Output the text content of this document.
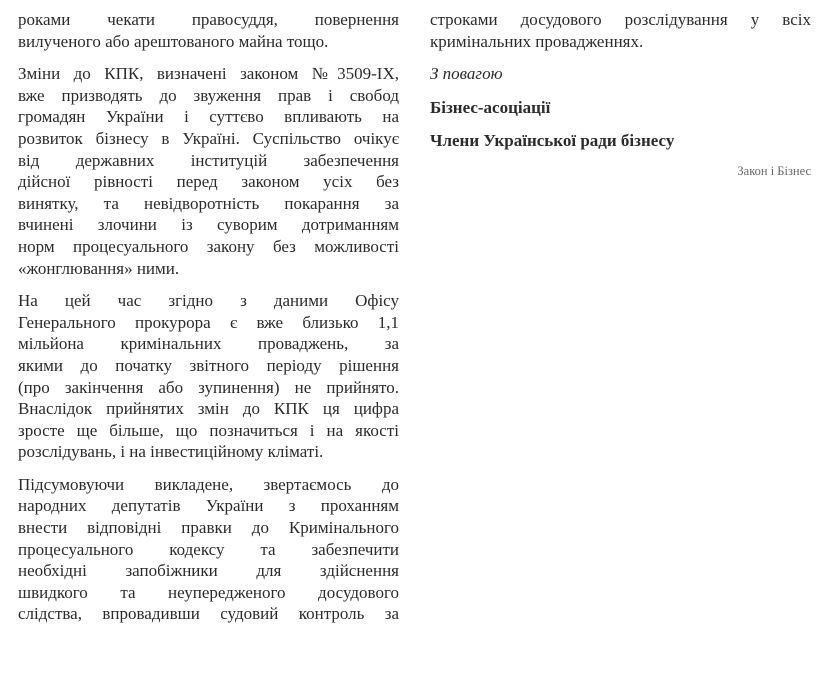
роками чекати правосуддя, повернення
вилученого або арештованого майна тощо.
Зміни до КПК, визначені законом №3509-IX,
вже призводять до звуження прав і свобод
громадян України і суттєво впливають на
розвиток бізнесу в Україні. Суспільство очікує
від державних інституцій забезпечення
дійсної рівності перед законом усіх без
винятку, та невідворотність покарання за
вчинені злочини із суворим дотриманням
норм процесуального закону без можливості
«жонглювання» ними.
На цей час згідно з даними Офісу
Генерального прокурора є вже близько 1,1
мільйона кримінальних проваджень, за
якими до початку звітного періоду рішення
(про закінчення або зупинення) не прийнято.
Внаслідок прийнятих змін до КПК ця цифра
зросте ще більше, що позначиться і на якості
розслідувань, і на інвестиційному кліматі.
Підсумовуючи викладене, звертаємось до
народних депутатів України з проханням
внести відповідні правки до Кримінального
процесуального кодексу та забезпечити
необхідні запобіжники для здійснення
швидкого та неупередженого досудового
слідства, впровадивши судовий контроль за
строками досудового розслідування у всіх
кримінальних провадженнях.
З повагою
Бізнес-асоціації
Члени Української ради бізнесу
Закон і Бізнес
